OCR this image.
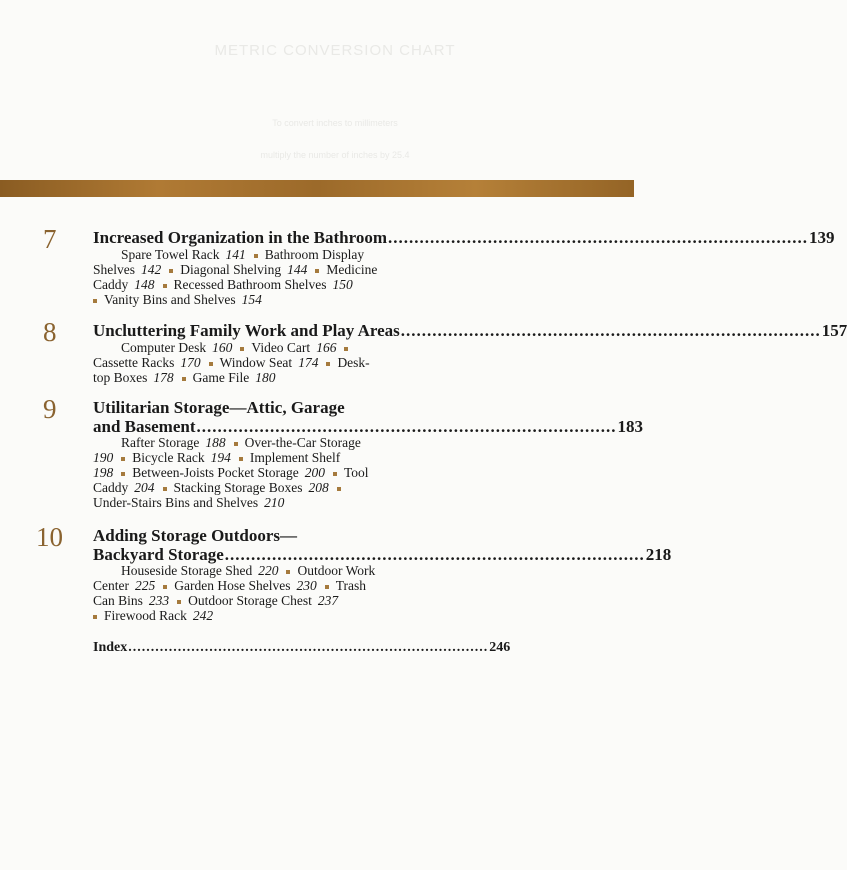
METRIC CONVERSION CHART
To convert inches to millimeters
multiply the number of inches by 25.4
7 Increased Organization in the Bathroom ................................................................................ 139
Spare Towel Rack 141 Bathroom Display
Shelves 142 Diagonal Shelving 144 Medicine
Caddy 148 Recessed Bathroom Shelves 150
Vanity Bins and Shelves 154
8 Uncluttering Family Work and Play Areas ................................................................................ 157
Computer Desk 160 Video Cart 166
Cassette Racks 170 Window Seat 174 Desk-
top Boxes 178 Game File 180
9 Utilitarian Storage—Attic, Garage
and Basement ................................................................................ 183
Rafter Storage 188 Over-the-Car Storage
190 Bicycle Rack 194 Implement Shelf
198 Between-Joists Pocket Storage 200 Tool
Caddy 204 Stacking Storage Boxes 208
Under-Stairs Bins and Shelves 210
10 Adding Storage Outdoors—
Backyard Storage ................................................................................ 218
Houseside Storage Shed 220 Outdoor Work
Center 225 Garden Hose Shelves 230 Trash
Can Bins 233 Outdoor Storage Chest 237
Firewood Rack 242
Index ................................................................................ 246
